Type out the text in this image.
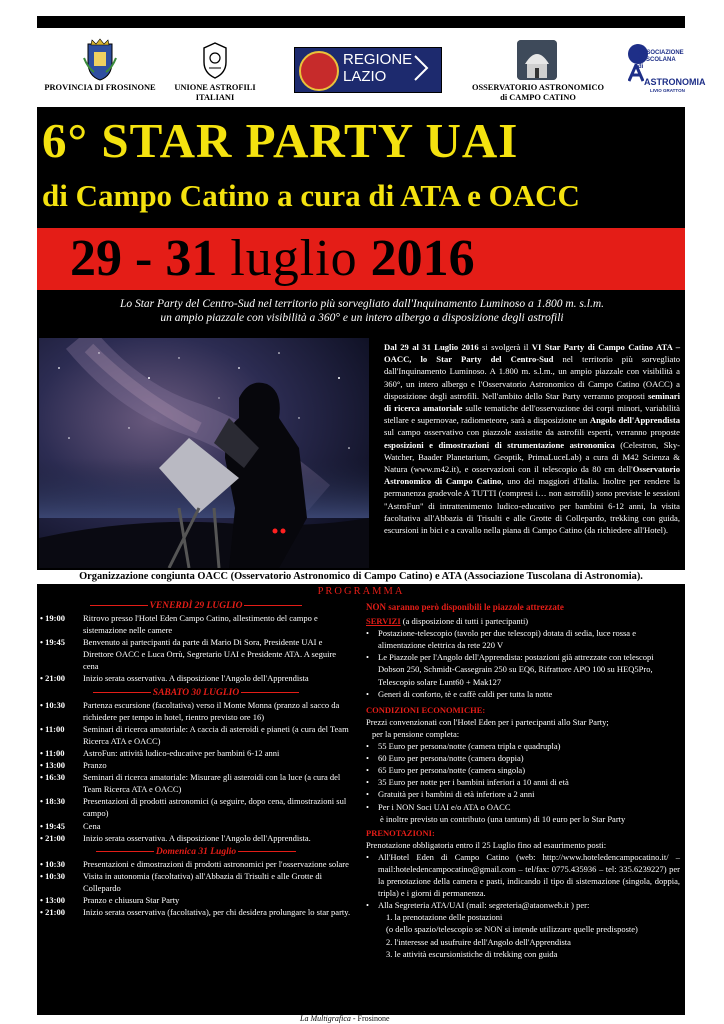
PROVINCIA DI FROSINONE	UNIONE ASTROFILI
ITALIANI
REGIONE
LAZIO
OSSERVATORIO ASTRONOMICO
di CAMPO CATINO
ASSOCIAZIONE
TUSCOLANA
di
ASTRONOMIA
LIVIO GRATTON
6° STAR PARTY UAI
di Campo Catino a cura di ATA e OACC
29 - 31 luglio 2016
Lo Star Party del Centro-Sud nel territorio più sorvegliato dall'Inquinamento Luminoso a 1.800 m. s.l.m.
un ampio piazzale con visibilità a 360° e un intero albergo a disposizione degli astrofili
Dal 29 al 31 Luglio 2016 si svolgerà il VI Star Party di Campo Catino ATA – OACC, lo Star Party del Centro-Sud nel territorio più sorvegliato dall'Inquinamento Luminoso. A 1.800 m. s.l.m., un ampio piazzale con visibilità a 360°, un intero albergo e l'Osservatorio Astronomico di Campo Catino (OACC) a disposizione degli astrofili. Nell'ambito dello Star Party verranno proposti seminari di ricerca amatoriale sulle tematiche dell'osservazione dei corpi minori, variabilità stellare e supernovae, radiometeore, sarà a disposizione un Angolo dell'Apprendista sul campo osservativo con piazzole assistite da astrofili esperti, verranno proposte esposizioni e dimostrazioni di strumentazione astronomica (Celestron, Sky-Watcher, Baader Planetarium, Geoptik, PrimaLuceLab) a cura di M42 Scienza & Natura (www.m42.it), e osservazioni con il telescopio da 80 cm dell'Osservatorio Astronomico di Campo Catino, uno dei maggiori d'Italia. Inoltre per rendere la permanenza gradevole A TUTTI (compresi i… non astrofili) sono previste le sessioni "AstroFun" di intrattenimento ludico-educativo per bambini 6-12 anni, la visita facoltativa all'Abbazia di Trisulti e alle Grotte di Collepardo, trekking con guida, escursioni in bici e a cavallo nella piana di Campo Catino (da richiedere all'Hotel).
Organizzazione congiunta OACC (Osservatorio Astronomico di Campo Catino) e ATA (Associazione Tuscolana di Astronomia).
PROGRAMMA
VENERDÌ 29 LUGLIO
• 19:00	Ritrovo presso l'Hotel Eden Campo Catino, allestimento del campo e sistemazione nelle camere
• 19:45	Benvenuto ai partecipanti da parte di Mario Di Sora, Presidente UAI e Direttore OACC e Luca Orrù, Segretario UAI e Presidente ATA. A seguire cena
• 21:00	Inizio serata osservativa. A disposizione l'Angolo dell'Apprendista
SABATO 30 LUGLIO
• 10:30	Partenza escursione (facoltativa) verso il Monte Monna (pranzo al sacco da richiedere per tempo in hotel, rientro previsto ore 16)
• 11:00	Seminari di ricerca amatoriale: A caccia di asteroidi e pianeti (a cura del Team Ricerca ATA e OACC)
• 11:00	AstroFun: attività ludico-educative per bambini 6-12 anni
• 13:00	Pranzo
• 16:30	Seminari di ricerca amatoriale: Misurare gli asteroidi con la luce (a cura del Team Ricerca ATA e OACC)
• 18:30	Presentazioni di prodotti astronomici (a seguire, dopo cena, dimostrazioni sul campo)
• 19:45	Cena
• 21:00	Inizio serata osservativa. A disposizione l'Angolo dell'Apprendista.
Domenica 31 Luglio
• 10:30	Presentazioni e dimostrazioni di prodotti astronomici per l'osservazione solare
• 10:30	Visita in autonomia (facoltativa) all'Abbazia di Trisulti e alle Grotte di Collepardo
• 13:00	Pranzo e chiusura Star Party
• 21:00	Inizio serata osservativa (facoltativa), per chi desidera prolungare lo star party.
NON saranno però disponibili le piazzole attrezzate
SERVIZI (a disposizione di tutti i partecipanti)
•	Postazione-telescopio (tavolo per due telescopi) dotata di sedia, luce rossa e alimentazione elettrica da rete 220 V
•	Le Piazzole per l'Angolo dell'Apprendista: postazioni già attrezzate con telescopi Dobson 250, Schmidt-Cassegrain 250 su EQ6, Rifrattore APO 100 su HEQ5Pro, Telescopio solare Lunt60 + Mak127
•	Generi di conforto, tè e caffè caldi per tutta la notte
CONDIZIONI ECONOMICHE:
Prezzi convenzionati con l'Hotel Eden per i partecipanti allo Star Party;
per la pensione completa:
•	55 Euro per persona/notte (camera tripla e quadrupla)
•	60 Euro per persona/notte (camera doppia)
•	65 Euro per persona/notte (camera singola)
•	35 Euro per notte per i bambini inferiori a 10 anni di età
•	Gratuità per i bambini di età inferiore a 2 anni
•	Per i NON Soci UAI e/o ATA o OACC
è inoltre previsto un contributo (una tantum) di 10 euro per lo Star Party
PRENOTAZIONI:
Prenotazione obbligatoria entro il 25 Luglio fino ad esaurimento posti:
•	All'Hotel Eden di Campo Catino (web: http://www.hoteledencampocatino.it/ – mail:hoteledencampocatino@gmail.com – tel/fax: 0775.435936 – tel: 335.6239227) per la prenotazione della camera e pasti, indicando il tipo di sistemazione (singola, doppia, tripla) e i giorni di permanenza.
•	Alla Segreteria ATA/UAI (mail: segreteria@ataonweb.it ) per:
1. la prenotazione delle postazioni
(o dello spazio/telescopio se NON si intende utilizzare quelle predisposte)
2. l'interesse ad usufruire dell'Angolo dell'Apprendista
3. le attività escursionistiche di trekking con guida
La Multigrafica - Frosinone
